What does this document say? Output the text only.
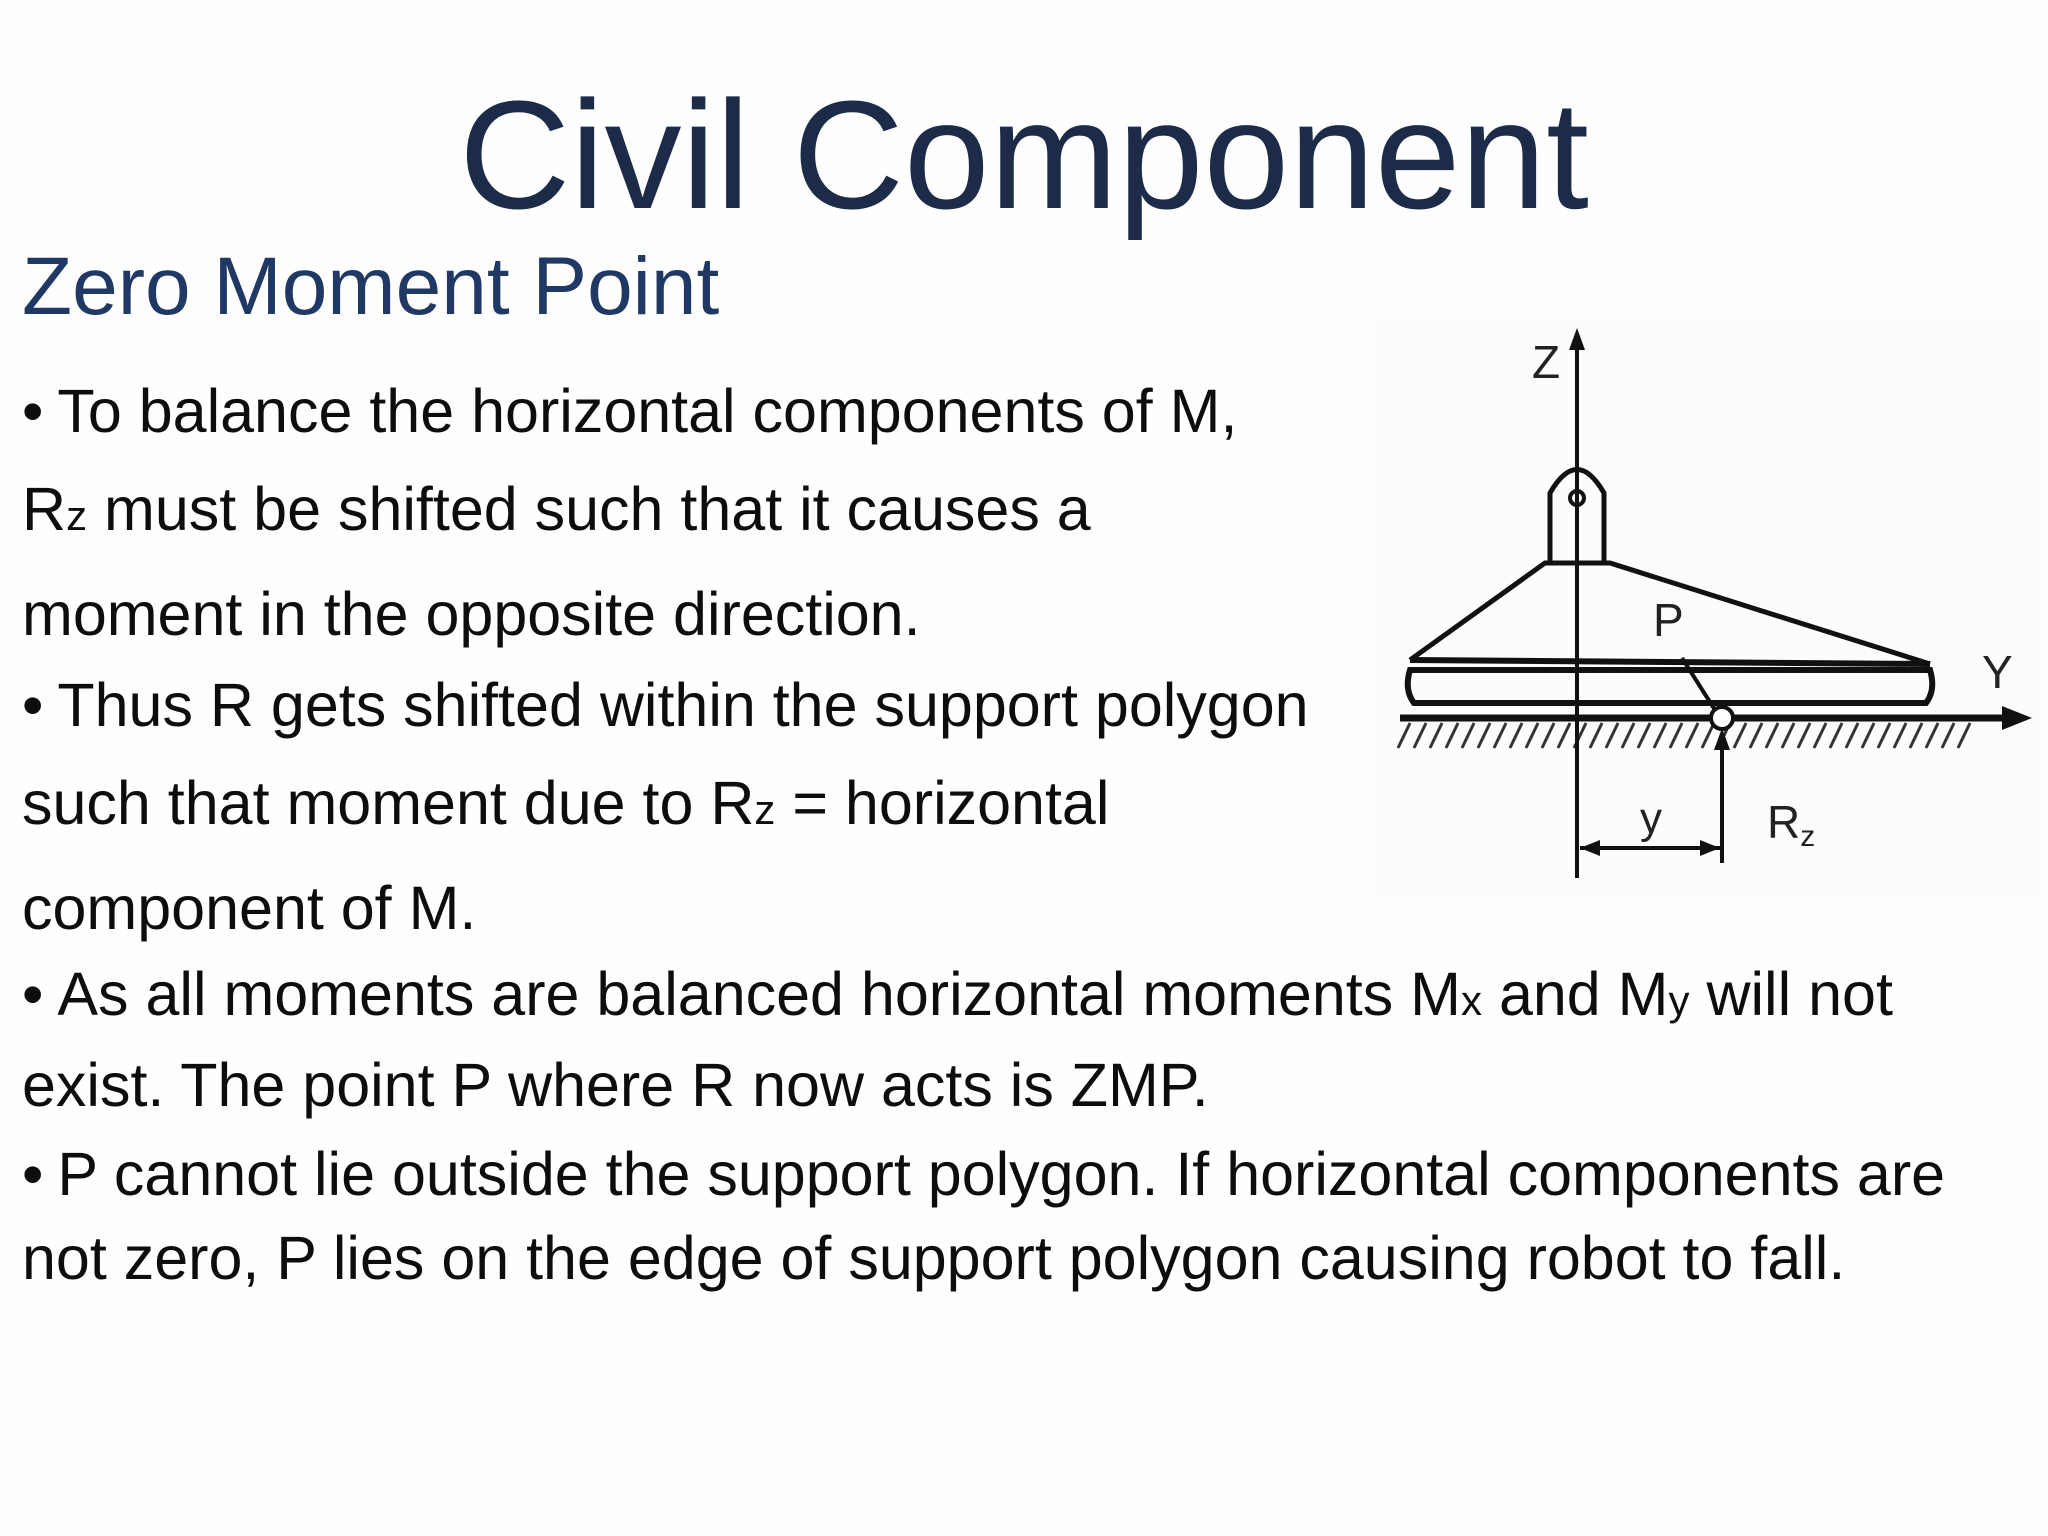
Civil Component
Zero Moment Point

• To balance the horizontal components of M,
Rz must be shifted such that it causes a
moment in the opposite direction.

• Thus R gets shifted within the support polygon
such that moment due to Rz = horizontal
component of M.

• As all moments are balanced horizontal moments Mx and My will not
exist. The point P where R now acts is ZMP.

• P cannot lie outside the support polygon. If horizontal components are
not zero, P lies on the edge of support polygon causing robot to fall.

Z
Y
P
y Rz
